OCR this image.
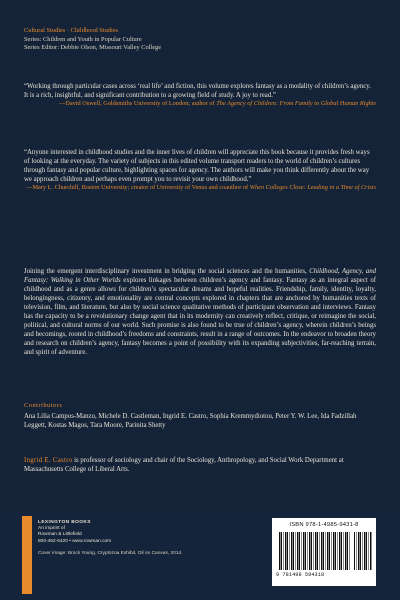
Cultural Studies · Childhood Studies
Series: Children and Youth in Popular Culture
Series Editor: Debbie Olson, Missouri Valley College
“Working through particular cases across ‘real life’ and fiction, this volume explores fantasy as a modality of children’s agency. It is a rich, insightful, and significant contribution to a growing field of study. A joy to read.”
—David Oswell, Goldsmiths University of London; author of The Agency of Children: From Family to Global Human Rights
“Anyone interested in childhood studies and the inner lives of children will appreciate this book because it provides fresh ways of looking at the everyday. The variety of subjects in this edited volume transport readers to the world of children’s cultures through fantasy and popular culture, highlighting spaces for agency. The authors will make you think differently about the way we approach children and perhaps even prompt you to revisit your own childhood.”
—Mary L. Churchill, Boston University; creator of University of Venus and coauthor of When Colleges Close: Leading in a Time of Crisis
Joining the emergent interdisciplinary investment in bridging the social sciences and the humanities, Childhood, Agency, and Fantasy: Walking in Other Worlds explores linkages between children’s agency and fantasy. Fantasy as an integral aspect of childhood and as a genre allows for children’s spectacular dreams and hopeful realities. Friendship, family, identity, loyalty, belongingness, citizenry, and emotionality are central concepts explored in chapters that are anchored by humanities texts of television, film, and literature, but also by social science qualitative methods of participant observation and interviews. Fantasy has the capacity to be a revolutionary change agent that in its modernity can creatively reflect, critique, or reimagine the social, political, and cultural norms of our world. Such promise is also found to be true of children’s agency, wherein children’s beings and becomings, rooted in childhood’s freedoms and constraints, result in a range of outcomes. In the endeavor to broaden theory and research on children’s agency, fantasy becomes a point of possibility with its expanding subjectivities, far-reaching terrain, and spirit of adventure.
Contributors
Ana Lilia Campos-Manzo, Michele D. Castleman, Ingrid E. Castro, Sophia Kremmydiotou, Peter Y. W. Lee, Ida Fadzillah Leggett, Kostas Magos, Tara Moore, Parinita Shetty
Ingrid E. Castro is professor of sociology and chair of the Sociology, Anthropology, and Social Work Department at Massachusetts College of Liberal Arts.
LEXINGTON BOOKS
An imprint of
Rowman & Littlefield
800-462-6420 • www.rowman.com
Cover image: Brock Young, Cryptozoa Exhibit, Oil on Canvas, 2014.
ISBN 978-1-4985-9431-8
9 781498 594318
